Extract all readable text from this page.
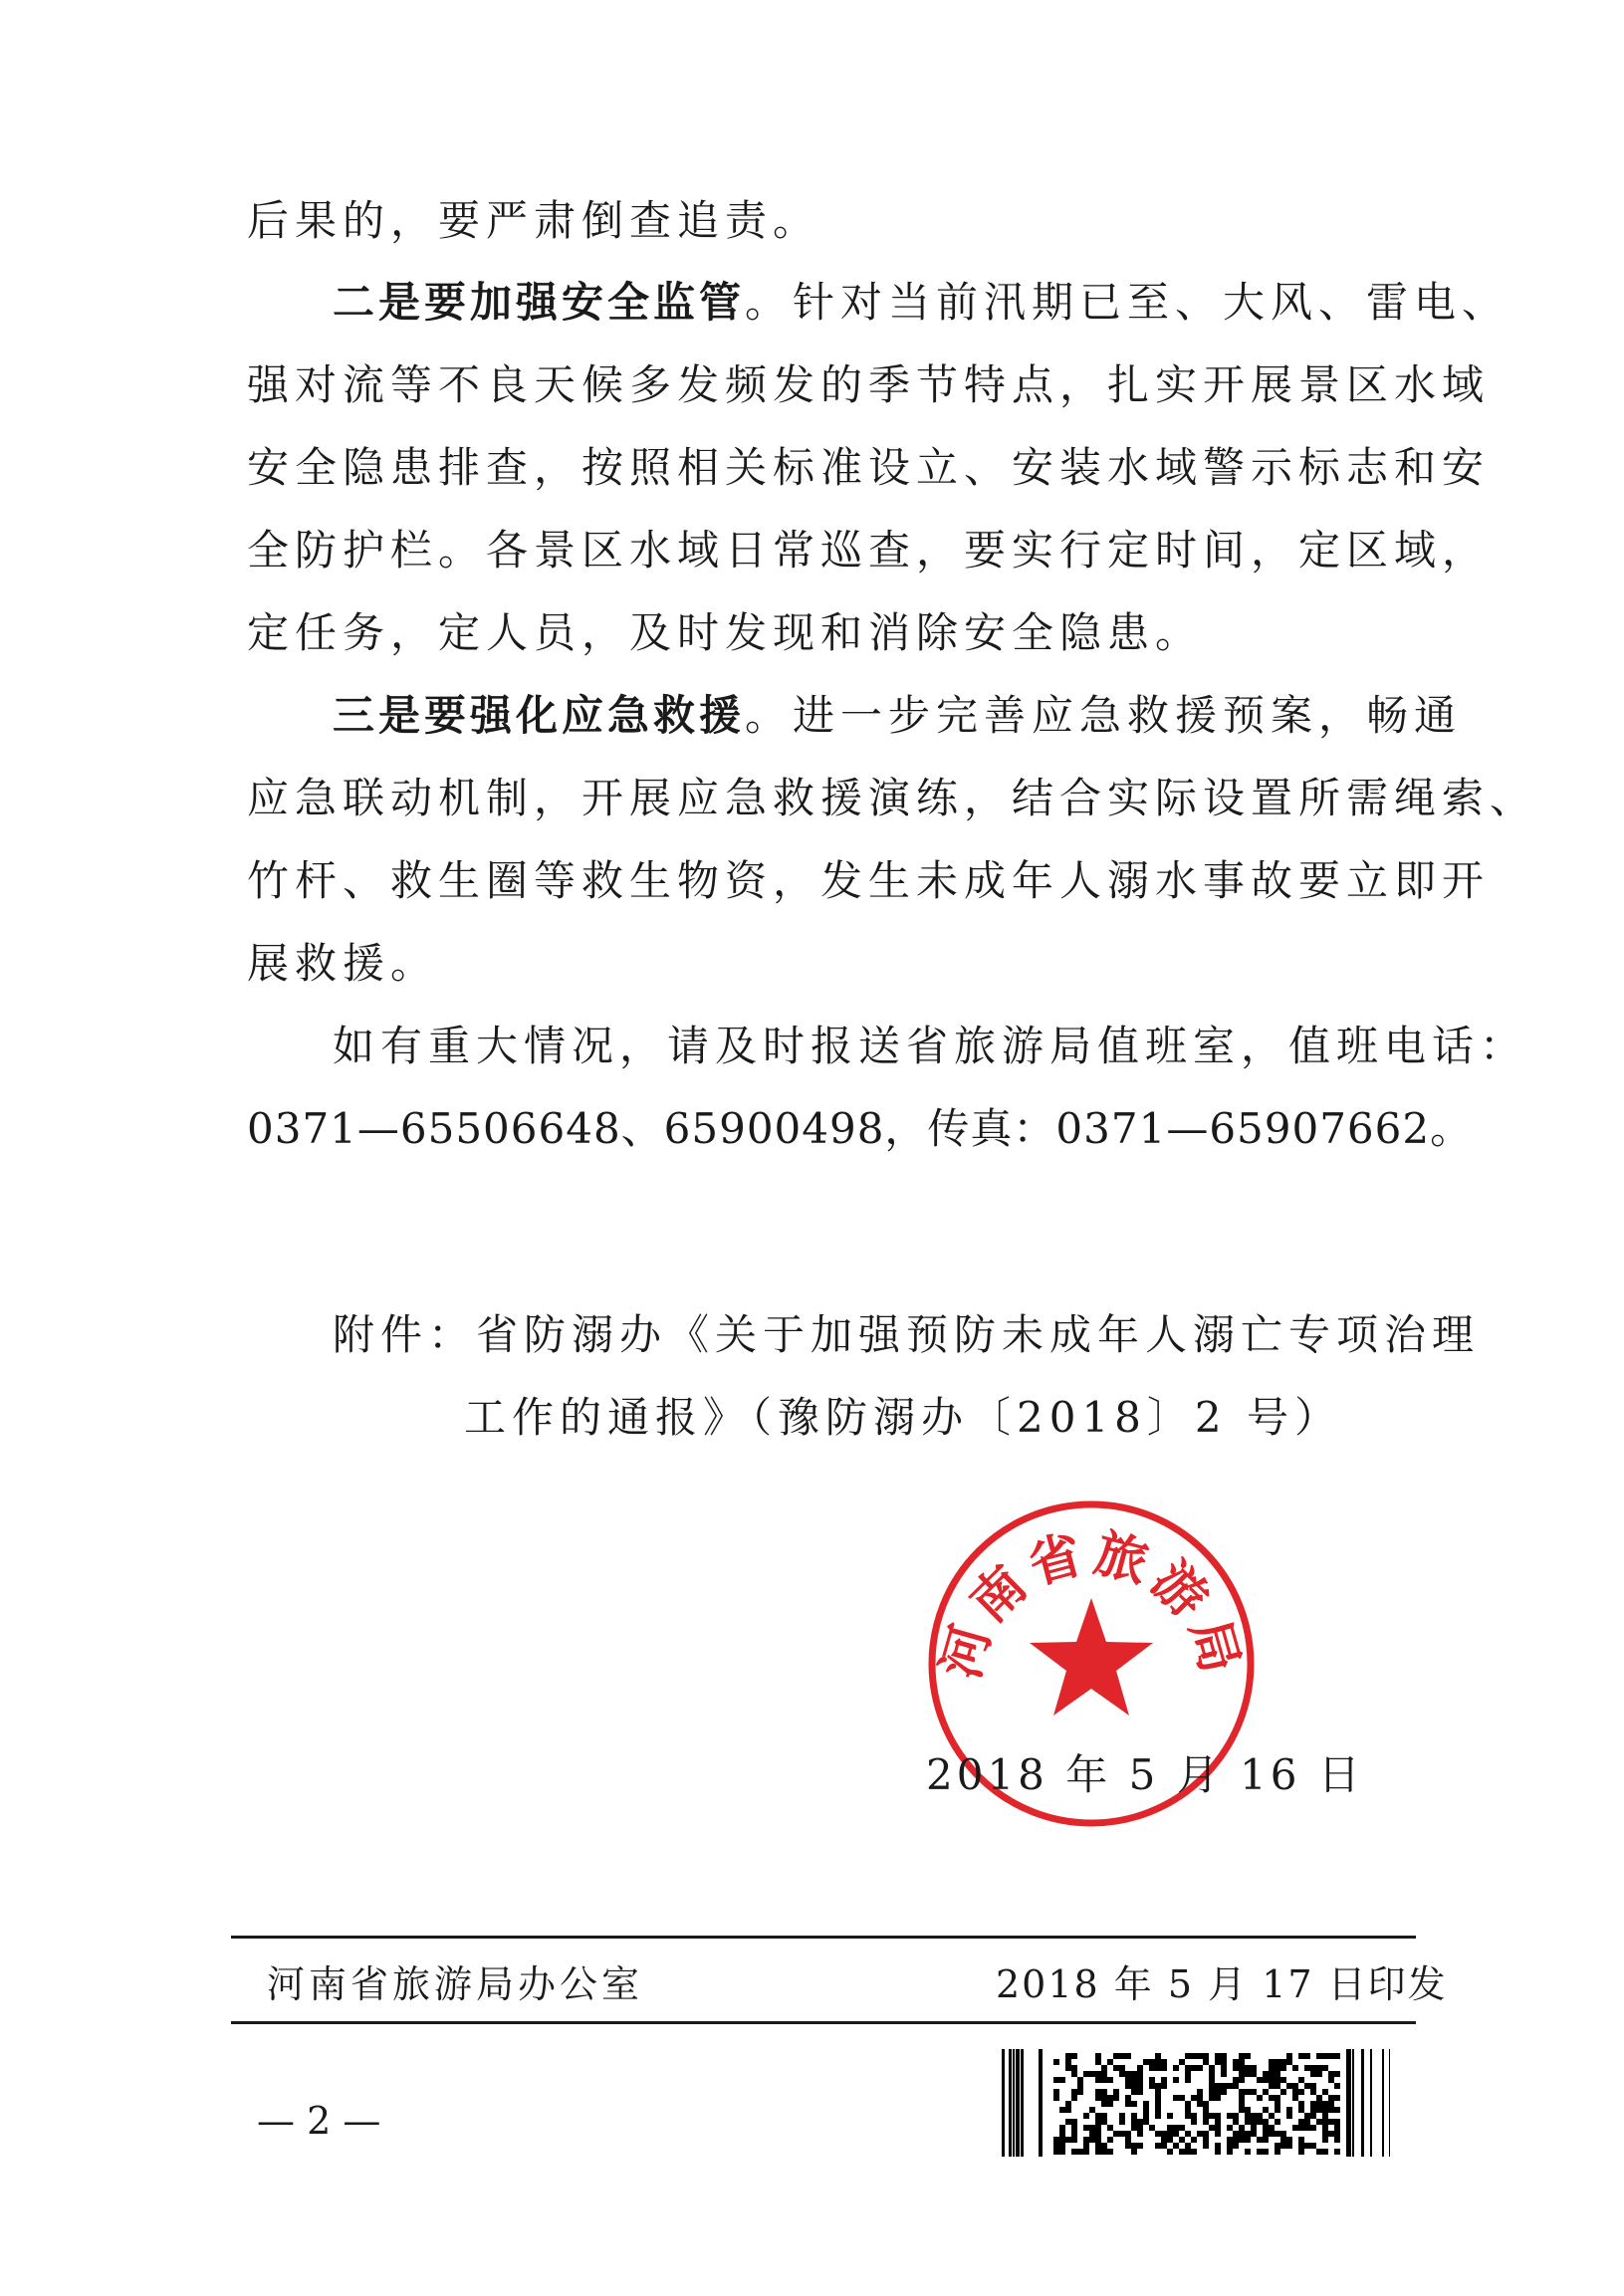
后果的，要严肃倒查追责。
二是要加强安全监管。针对当前汛期已至、大风、雷电、
强对流等不良天候多发频发的季节特点，扎实开展景区水域
安全隐患排查，按照相关标准设立、安装水域警示标志和安
全防护栏。各景区水域日常巡查，要实行定时间，定区域，
定任务，定人员，及时发现和消除安全隐患。
三是要强化应急救援。进一步完善应急救援预案，畅通
应急联动机制，开展应急救援演练，结合实际设置所需绳索、
竹杆、救生圈等救生物资，发生未成年人溺水事故要立即开
展救援。
如有重大情况，请及时报送省旅游局值班室，值班电话：
0371—65506648、65900498，传真：0371—65907662。
附件：省防溺办《关于加强预防未成年人溺亡专项治理
工作的通报》（豫防溺办〔2018〕2 号）
河南省旅游局
2018 年 5 月 16 日
河南省旅游局办公室	2018 年 5 月 17 日印发
— 2 —
